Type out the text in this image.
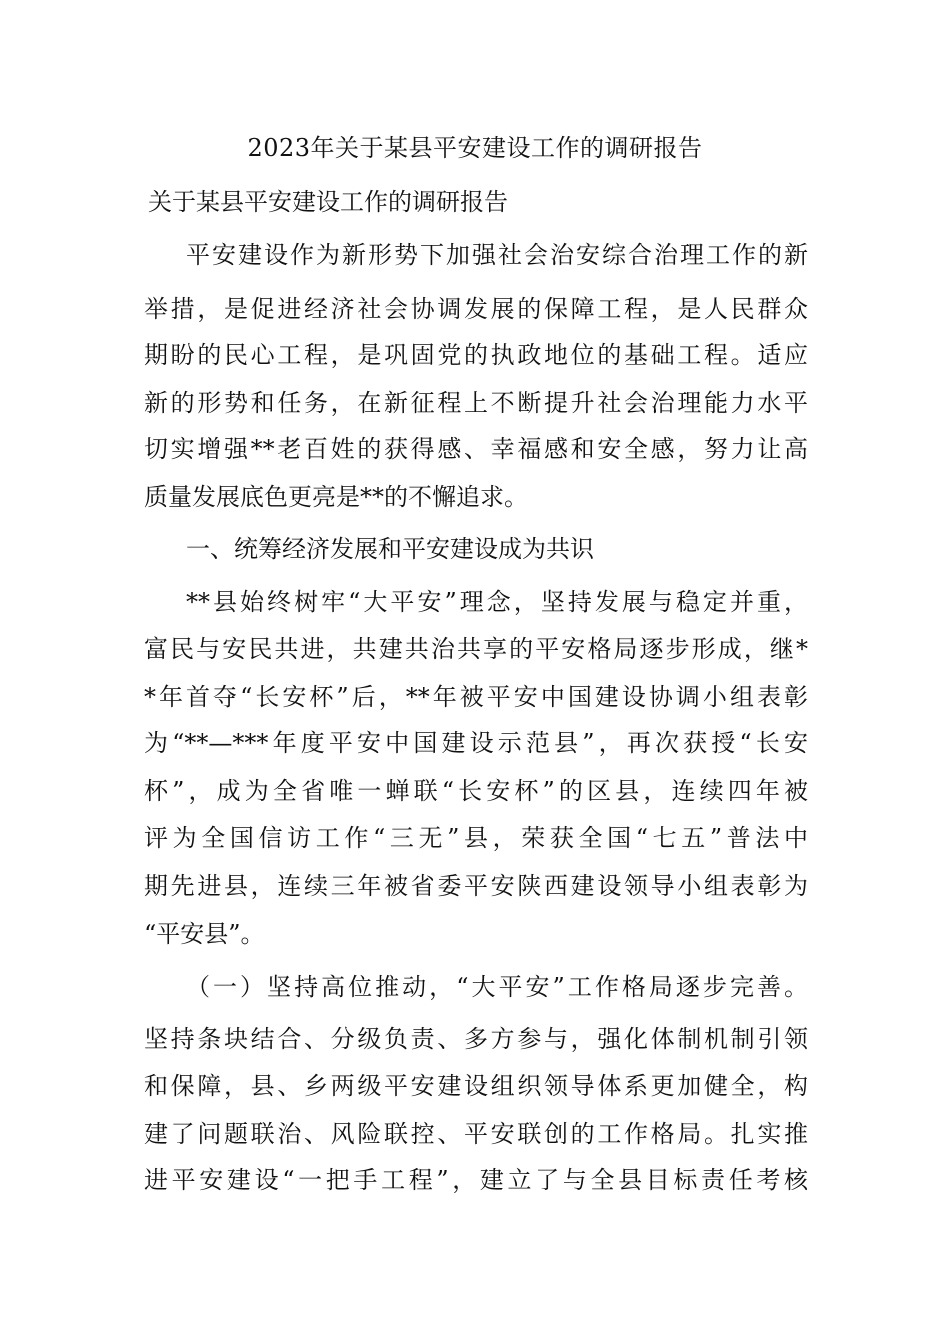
2023年关于某县平安建设工作的调研报告
关于某县平安建设工作的调研报告
平安建设作为新形势下加强社会治安综合治理工作的新
举措，是促进经济社会协调发展的保障工程，是人民群众
期盼的民心工程，是巩固党的执政地位的基础工程。适应
新的形势和任务，在新征程上不断提升社会治理能力水平
切实增强**老百姓的获得感、幸福感和安全感，努力让高
质量发展底色更亮是**的不懈追求。
一、统筹经济发展和平安建设成为共识
**县始终树牢“大平安”理念，坚持发展与稳定并重，
富民与安民共进，共建共治共享的平安格局逐步形成，继*
*年首夺“长安杯”后，**年被平安中国建设协调小组表彰
为“**—***年度平安中国建设示范县”，再次获授“长安
杯”，成为全省唯一蝉联“长安杯”的区县，连续四年被
评为全国信访工作“三无”县，荣获全国“七五”普法中
期先进县，连续三年被省委平安陕西建设领导小组表彰为
“平安县”。
（一）坚持高位推动，“大平安”工作格局逐步完善。
坚持条块结合、分级负责、多方参与，强化体制机制引领
和保障，县、乡两级平安建设组织领导体系更加健全，构
建了问题联治、风险联控、平安联创的工作格局。扎实推
进平安建设“一把手工程”，建立了与全县目标责任考核
